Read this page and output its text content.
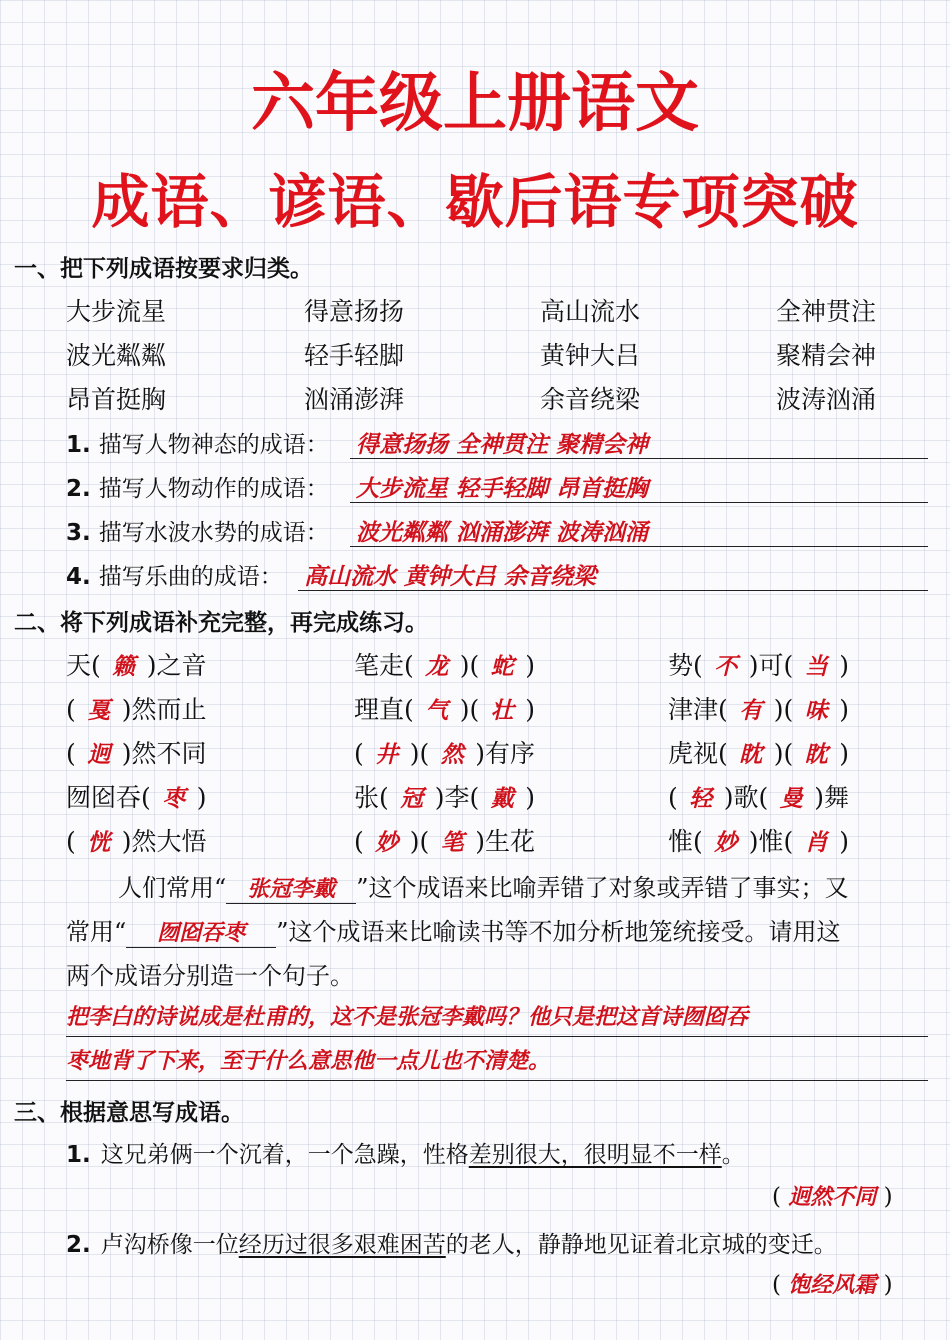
六年级上册语文
成语、谚语、歇后语专项突破
一、把下列成语按要求归类。
大步流星	得意扬扬	高山流水	全神贯注
波光粼粼	轻手轻脚	黄钟大吕	聚精会神
昂首挺胸	汹涌澎湃	余音绕梁	波涛汹涌
1. 描写人物神态的成语： 得意扬扬 全神贯注 聚精会神
2. 描写人物动作的成语： 大步流星 轻手轻脚 昂首挺胸
3. 描写水波水势的成语： 波光粼粼 汹涌澎湃 波涛汹涌
4. 描写乐曲的成语： 高山流水 黄钟大吕 余音绕梁
二、将下列成语补充完整，再完成练习。
天( 籁 )之音	笔走( 龙 )( 蛇 )	势( 不 )可( 当 )
( 戛 )然而止	理直( 气 )( 壮 )	津津( 有 )( 味 )
( 迥 )然不同	( 井 )( 然 )有序	虎视( 眈 )( 眈 )
囫囵吞( 枣 )	张( 冠 )李( 戴 )	( 轻 )歌( 曼 )舞
( 恍 )然大悟	( 妙 )( 笔 )生花	惟( 妙 )惟( 肖 )
人们常用“ 张冠李戴 ”这个成语来比喻弄错了对象或弄错了事实；又
常用“ 囫囵吞枣 ”这个成语来比喻读书等不加分析地笼统接受。请用这
两个成语分别造一个句子。
把李白的诗说成是杜甫的，这不是张冠李戴吗？他只是把这首诗囫囵吞
枣地背了下来，至于什么意思他一点儿也不清楚。
三、根据意思写成语。
1. 这兄弟俩一个沉着，一个急躁，性格差别很大，很明显不一样。
( 迥然不同 )
2. 卢沟桥像一位经历过很多艰难困苦的老人，静静地见证着北京城的变迁。
( 饱经风霜 )
